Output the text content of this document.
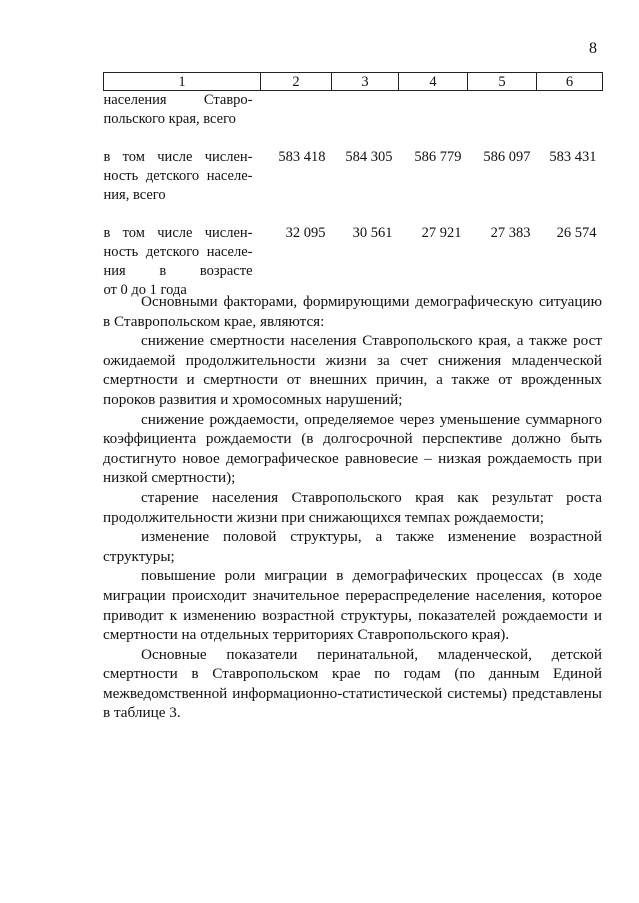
8
1	2	3	4	5	6

населения Ставро-
польского края, всего					

в том числе числен-
ность детского населе-
ния, всего	583 418	584 305	586 779	586 097	583 431

в том числе числен-
ность детского населе-
ния в возрасте
от 0 до 1 года	32 095	30 561	27 921	27 383	26 574

Основными факторами, формирующими демографическую ситуацию в Ставропольском крае, являются:

снижение смертности населения Ставропольского края, а также рост ожидаемой продолжительности жизни за счет снижения младенческой смертности и смертности от внешних причин, а также от врожденных пороков развития и хромосомных нарушений;

снижение рождаемости, определяемое через уменьшение суммарного коэффициента рождаемости (в долгосрочной перспективе должно быть достигнуто новое демографическое равновесие – низкая рождаемость при низкой смертности);

старение населения Ставропольского края как результат роста продолжительности жизни при снижающихся темпах рождаемости;

изменение половой структуры, а также изменение возрастной структуры;

повышение роли миграции в демографических процессах (в ходе миграции происходит значительное перераспределение населения, которое приводит к изменению возрастной структуры, показателей рождаемости и смертности на отдельных территориях Ставропольского края).

Основные показатели перинатальной, младенческой, детской смертности в Ставропольском крае по годам (по данным Единой межведомственной информационно-статистической системы) представлены в таблице 3.
